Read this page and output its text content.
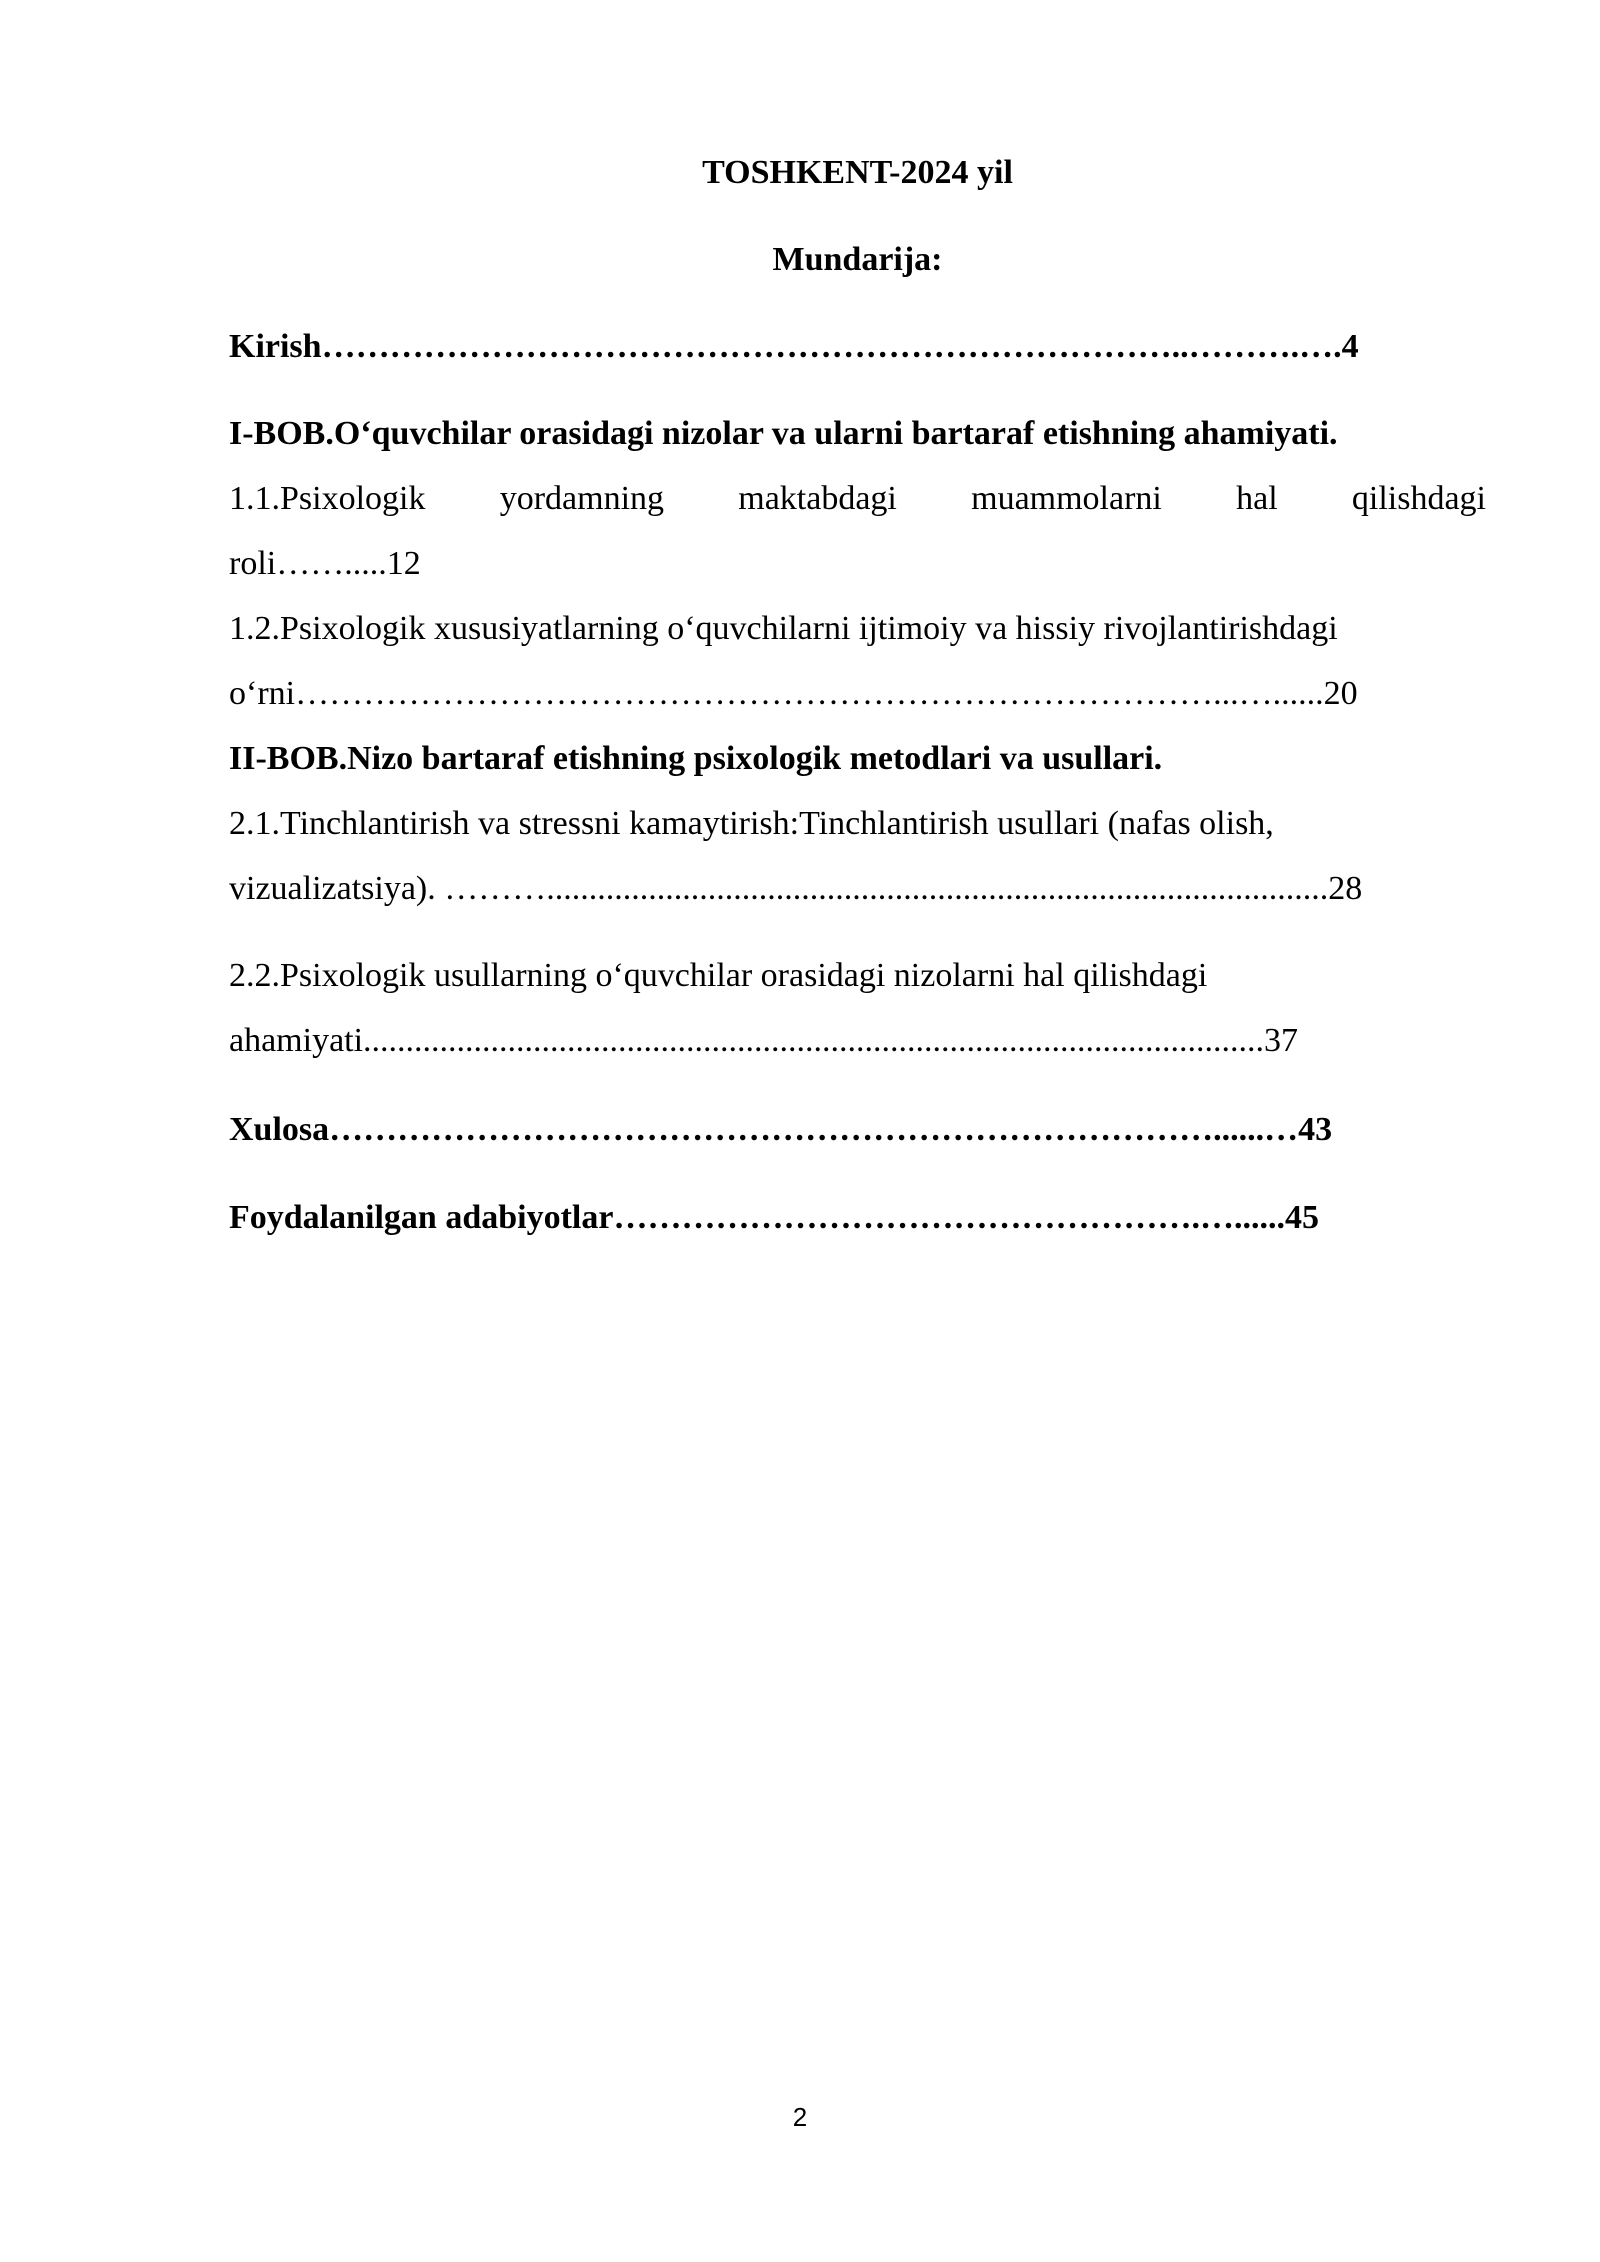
TOSHKENT-2024 yil
Mundarija:
Kirish…………………………………………………………………..……….….4
I-BOB.O‘quvchilar orasidagi nizolar va ularni bartaraf etishning ahamiyati.
1.1.Psixologik yordamning maktabdagi muammolarni hal qilishdagi
roli…….....12
1.2.Psixologik xususiyatlarning o‘quvchilarni ijtimoiy va hissiy rivojlantirishdagi
o‘rni………………………………………………………………………...…......20
II-BOB.Nizo bartaraf etishning psixologik metodlari va usullari.
2.1.Tinchlantirish va stressni kamaytirish:Tinchlantirish usullari (nafas olish,
vizualizatsiya). ………............................................................................................28
2.2.Psixologik usullarning o‘quvchilar orasidagi nizolarni hal qilishdagi
ahamiyati..........................................................................................................37
Xulosa……………………………………………………………………......…43
Foydalanilgan adabiyotlar…………………………………………….…......45
2
